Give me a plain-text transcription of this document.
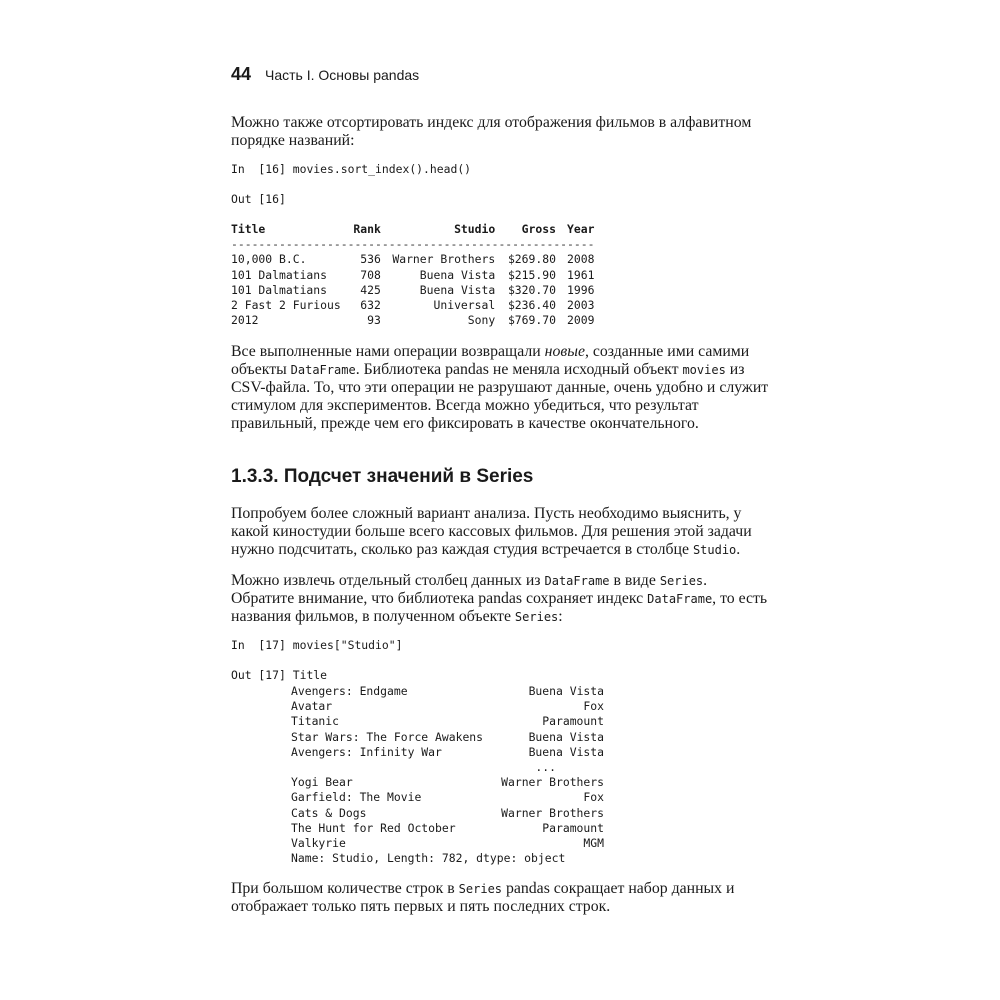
44 Часть I. Основы pandas

Можно также отсортировать индекс для отображения фильмов в алфавитном порядке названий:

In  [16] movies.sort_index().head()
Out [16]
Title	Rank	Studio	Gross	Year
-----------------------------------------------------				
10,000 B.C.	536	Warner Brothers	$269.80	2008
101 Dalmatians	708	Buena Vista	$215.90	1961
101 Dalmatians	425	Buena Vista	$320.70	1996
2 Fast 2 Furious	632	Universal	$236.40	2003
2012	93	Sony	$769.70	2009

Все выполненные нами операции возвращали новые, созданные ими самими объекты DataFrame. Библиотека pandas не меняла исходный объект movies из CSV-файла. То, что эти операции не разрушают данные, очень удобно и служит стимулом для экспериментов. Всегда можно убедиться, что результат правильный, прежде чем его фиксировать в качестве окончательного.

1.3.3. Подсчет значений в Series

Попробуем более сложный вариант анализа. Пусть необходимо выяснить, у какой киностудии больше всего кассовых фильмов. Для решения этой задачи нужно подсчитать, сколько раз каждая студия встречается в столбце Studio.

Можно извлечь отдельный столбец данных из DataFrame в виде Series. Обратите внимание, что библиотека pandas сохраняет индекс DataFrame, то есть названия фильмов, в полученном объекте Series:

In  [17] movies["Studio"]
Out [17] Title
Avengers: Endgame	Buena Vista
Avatar	Fox
Titanic	Paramount
Star Wars: The Force Awakens	Buena Vista
Avengers: Infinity War	Buena Vista
...
Yogi Bear	Warner Brothers
Garfield: The Movie	Fox
Cats & Dogs	Warner Brothers
The Hunt for Red October	Paramount
Valkyrie	MGM
Name: Studio, Length: 782, dtype: object

При большом количестве строк в Series pandas сокращает набор данных и отображает только пять первых и пять последних строк.
